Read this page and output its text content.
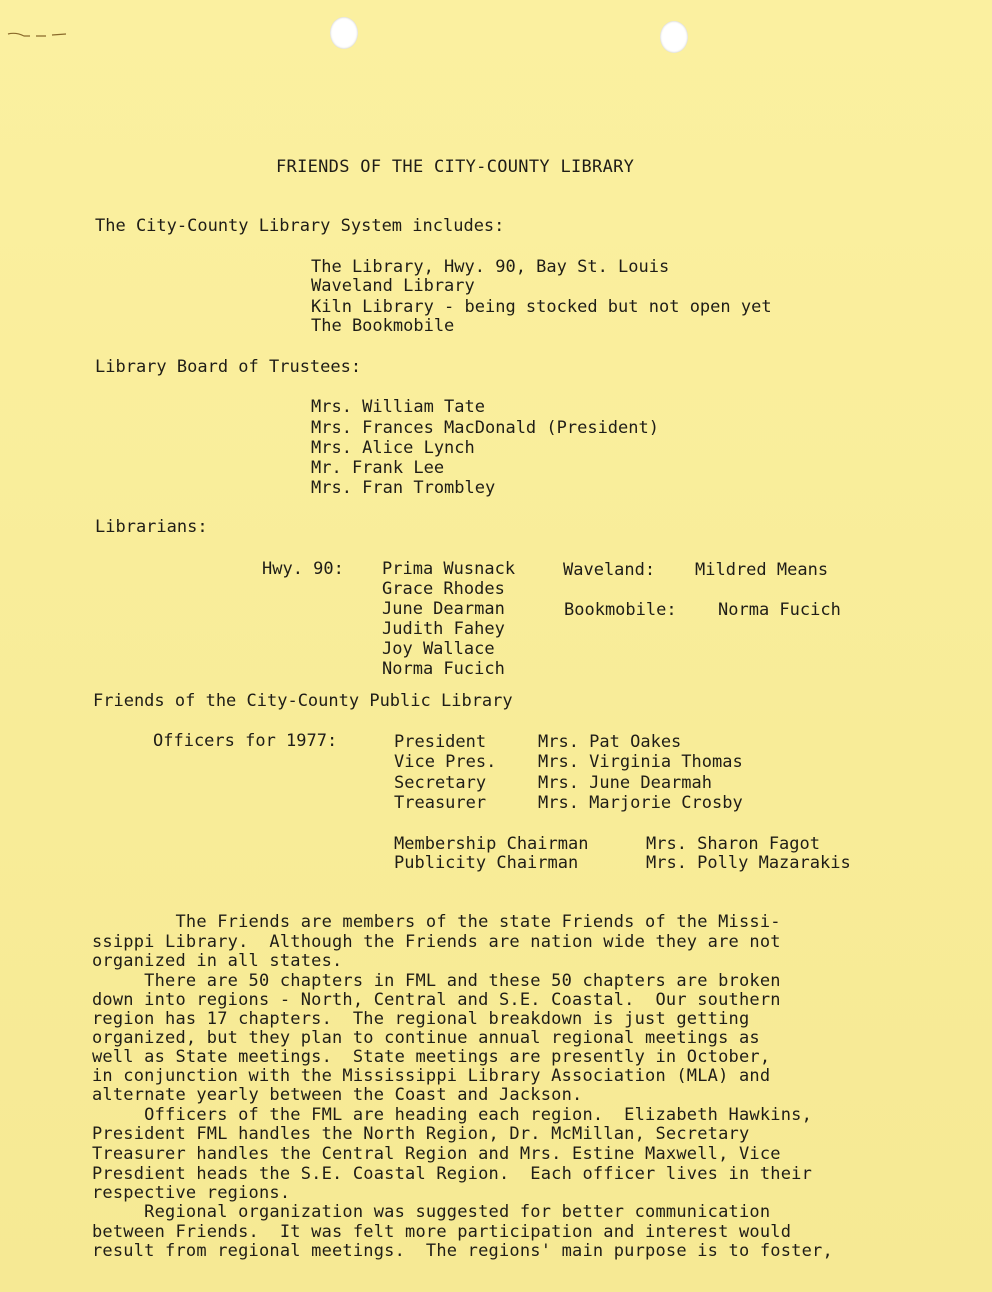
FRIENDS OF THE CITY-COUNTY LIBRARY
The City-County Library System includes:
The Library, Hwy. 90, Bay St. Louis
Waveland Library
Kiln Library - being stocked but not open yet
The Bookmobile
Library Board of Trustees:
Mrs. William Tate
Mrs. Frances MacDonald (President)
Mrs. Alice Lynch
Mr. Frank Lee
Mrs. Fran Trombley
Librarians:
Hwy. 90: Prima Wusnack
Grace Rhodes
June Dearman
Judith Fahey
Joy Wallace
Norma Fucich
Waveland: Mildred Means
Bookmobile: Norma Fucich
Friends of the City-County Public Library
Officers for 1977:	President	Mrs. Pat Oakes
Vice Pres. Mrs. Virginia Thomas
Secretary	Mrs. June Dearmah
Treasurer	Mrs. Marjorie Crosby
Membership Chairman	Mrs. Sharon Fagot
Publicity Chairman	Mrs. Polly Mazarakis
The Friends are members of the state Friends of the Missi-
ssippi Library.  Although the Friends are nation wide they are not
organized in all states.
There are 50 chapters in FML and these 50 chapters are broken
down into regions - North, Central and S.E. Coastal.  Our southern
region has 17 chapters.  The regional breakdown is just getting
organized, but they plan to continue annual regional meetings as
well as State meetings.  State meetings are presently in October,
in conjunction with the Mississippi Library Association (MLA) and
alternate yearly between the Coast and Jackson.
Officers of the FML are heading each region.  Elizabeth Hawkins,
President FML handles the North Region, Dr. McMillan, Secretary
Treasurer handles the Central Region and Mrs. Estine Maxwell, Vice
Presdient heads the S.E. Coastal Region.  Each officer lives in their
respective regions.
Regional organization was suggested for better communication
between Friends.  It was felt more participation and interest would
result from regional meetings.  The regions' main purpose is to foster,
